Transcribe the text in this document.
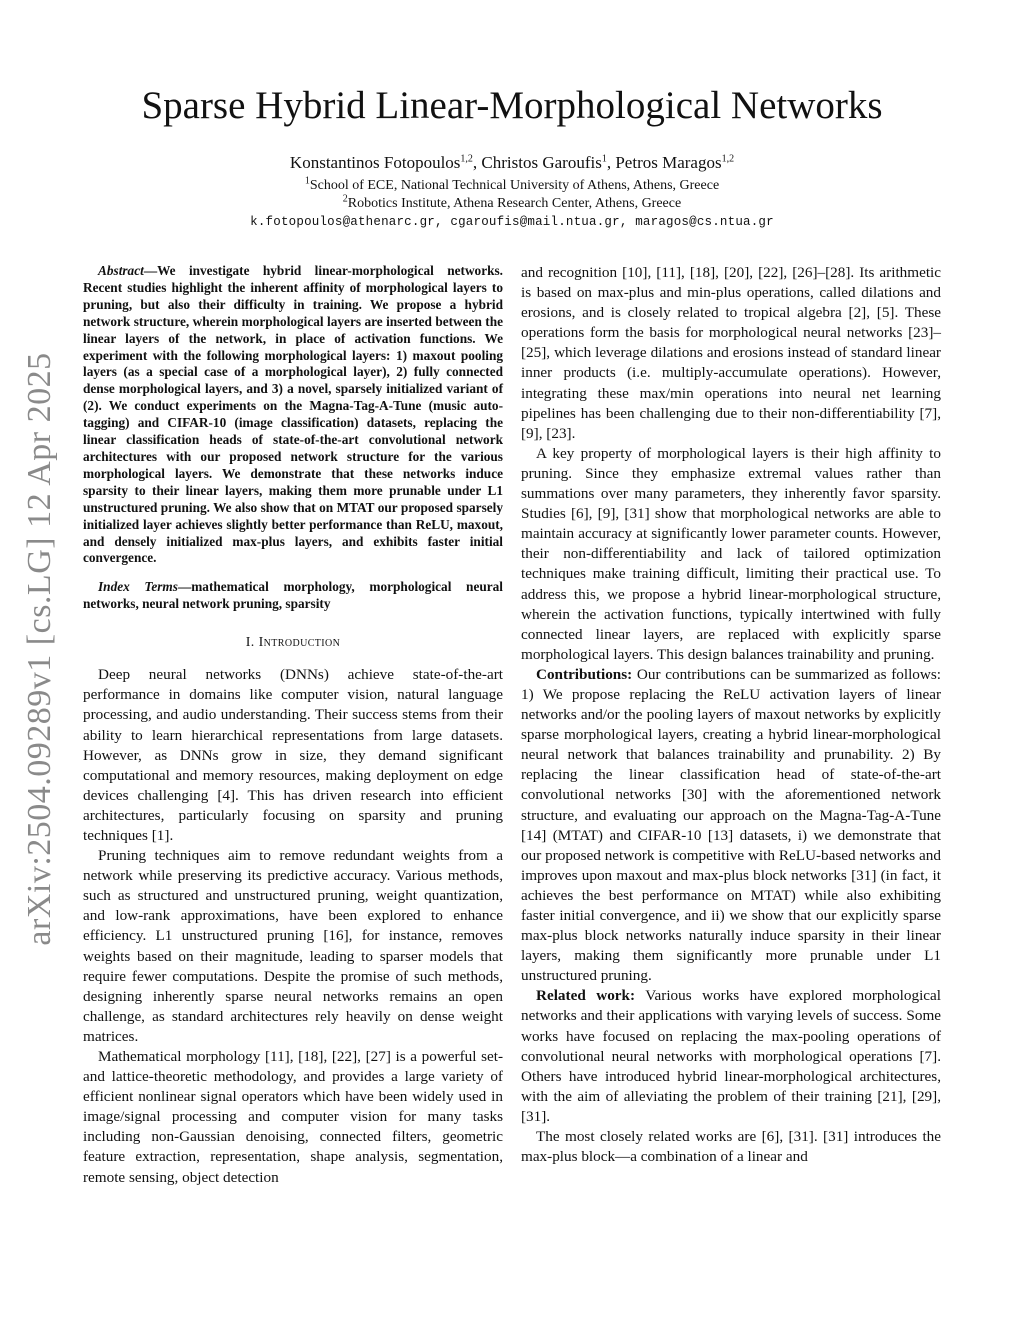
arXiv:2504.09289v1 [cs.LG] 12 Apr 2025
Sparse Hybrid Linear-Morphological Networks
Konstantinos Fotopoulos$^{1,2}$, Christos Garoufis$^1$, Petros Maragos$^{1,2}$
$^1$School of ECE, National Technical University of Athens, Athens, Greece
$^2$Robotics Institute, Athena Research Center, Athens, Greece
k.fotopoulos@athenarc.gr, cgaroufis@mail.ntua.gr, maragos@cs.ntua.gr

Abstract—We investigate hybrid linear-morphological networks. Recent studies highlight the inherent affinity of morphological layers to pruning, but also their difficulty in training. We propose a hybrid network structure, wherein morphological layers are inserted between the linear layers of the network, in place of activation functions. We experiment with the following morphological layers: 1) maxout pooling layers (as a special case of a morphological layer), 2) fully connected dense morphological layers, and 3) a novel, sparsely initialized variant of (2). We conduct experiments on the Magna-Tag-A-Tune (music auto-tagging) and CIFAR-10 (image classification) datasets, replacing the linear classification heads of state-of-the-art convolutional network architectures with our proposed network structure for the various morphological layers. We demonstrate that these networks induce sparsity to their linear layers, making them more prunable under L1 unstructured pruning. We also show that on MTAT our proposed sparsely initialized layer achieves slightly better performance than ReLU, maxout, and densely initialized max-plus layers, and exhibits faster initial convergence.

Index Terms—mathematical morphology, morphological neural networks, neural network pruning, sparsity

I. Introduction

Deep neural networks (DNNs) achieve state-of-the-art performance in domains like computer vision, natural language processing, and audio understanding. Their success stems from their ability to learn hierarchical representations from large datasets. However, as DNNs grow in size, they demand significant computational and memory resources, making deployment on edge devices challenging [4]. This has driven research into efficient architectures, particularly focusing on sparsity and pruning techniques [1].

Pruning techniques aim to remove redundant weights from a network while preserving its predictive accuracy. Various methods, such as structured and unstructured pruning, weight quantization, and low-rank approximations, have been explored to enhance efficiency. L1 unstructured pruning [16], for instance, removes weights based on their magnitude, leading to sparser models that require fewer computations. Despite the promise of such methods, designing inherently sparse neural networks remains an open challenge, as standard architectures rely heavily on dense weight matrices.

Mathematical morphology [11], [18], [22], [27] is a powerful set- and lattice-theoretic methodology, and provides a large variety of efficient nonlinear signal operators which have been widely used in image/signal processing and computer vision for many tasks including non-Gaussian denoising, connected filters, geometric feature extraction, representation, shape analysis, segmentation, remote sensing, object detection

and recognition [10], [11], [18], [20], [22], [26]–[28]. Its arithmetic is based on max-plus and min-plus operations, called dilations and erosions, and is closely related to tropical algebra [2], [5]. These operations form the basis for morphological neural networks [23]–[25], which leverage dilations and erosions instead of standard linear inner products (i.e. multiply-accumulate operations). However, integrating these max/min operations into neural net learning pipelines has been challenging due to their non-differentiability [7], [9], [23].

A key property of morphological layers is their high affinity to pruning. Since they emphasize extremal values rather than summations over many parameters, they inherently favor sparsity. Studies [6], [9], [31] show that morphological networks are able to maintain accuracy at significantly lower parameter counts. However, their non-differentiability and lack of tailored optimization techniques make training difficult, limiting their practical use. To address this, we propose a hybrid linear-morphological structure, wherein the activation functions, typically intertwined with fully connected linear layers, are replaced with explicitly sparse morphological layers. This design balances trainability and pruning.

Contributions: Our contributions can be summarized as follows: 1) We propose replacing the ReLU activation layers of linear networks and/or the pooling layers of maxout networks by explicitly sparse morphological layers, creating a hybrid linear-morphological neural network that balances trainability and prunability. 2) By replacing the linear classification head of state-of-the-art convolutional networks [30] with the aforementioned network structure, and evaluating our approach on the Magna-Tag-A-Tune [14] (MTAT) and CIFAR-10 [13] datasets, i) we demonstrate that our proposed network is competitive with ReLU-based networks and improves upon maxout and max-plus block networks [31] (in fact, it achieves the best performance on MTAT) while also exhibiting faster initial convergence, and ii) we show that our explicitly sparse max-plus block networks naturally induce sparsity in their linear layers, making them significantly more prunable under L1 unstructured pruning.

Related work: Various works have explored morphological networks and their applications with varying levels of success. Some works have focused on replacing the max-pooling operations of convolutional neural networks with morphological operations [7]. Others have introduced hybrid linear-morphological architectures, with the aim of alleviating the problem of their training [21], [29], [31].

The most closely related works are [6], [31]. [31] introduces the max-plus block—a combination of a linear and
